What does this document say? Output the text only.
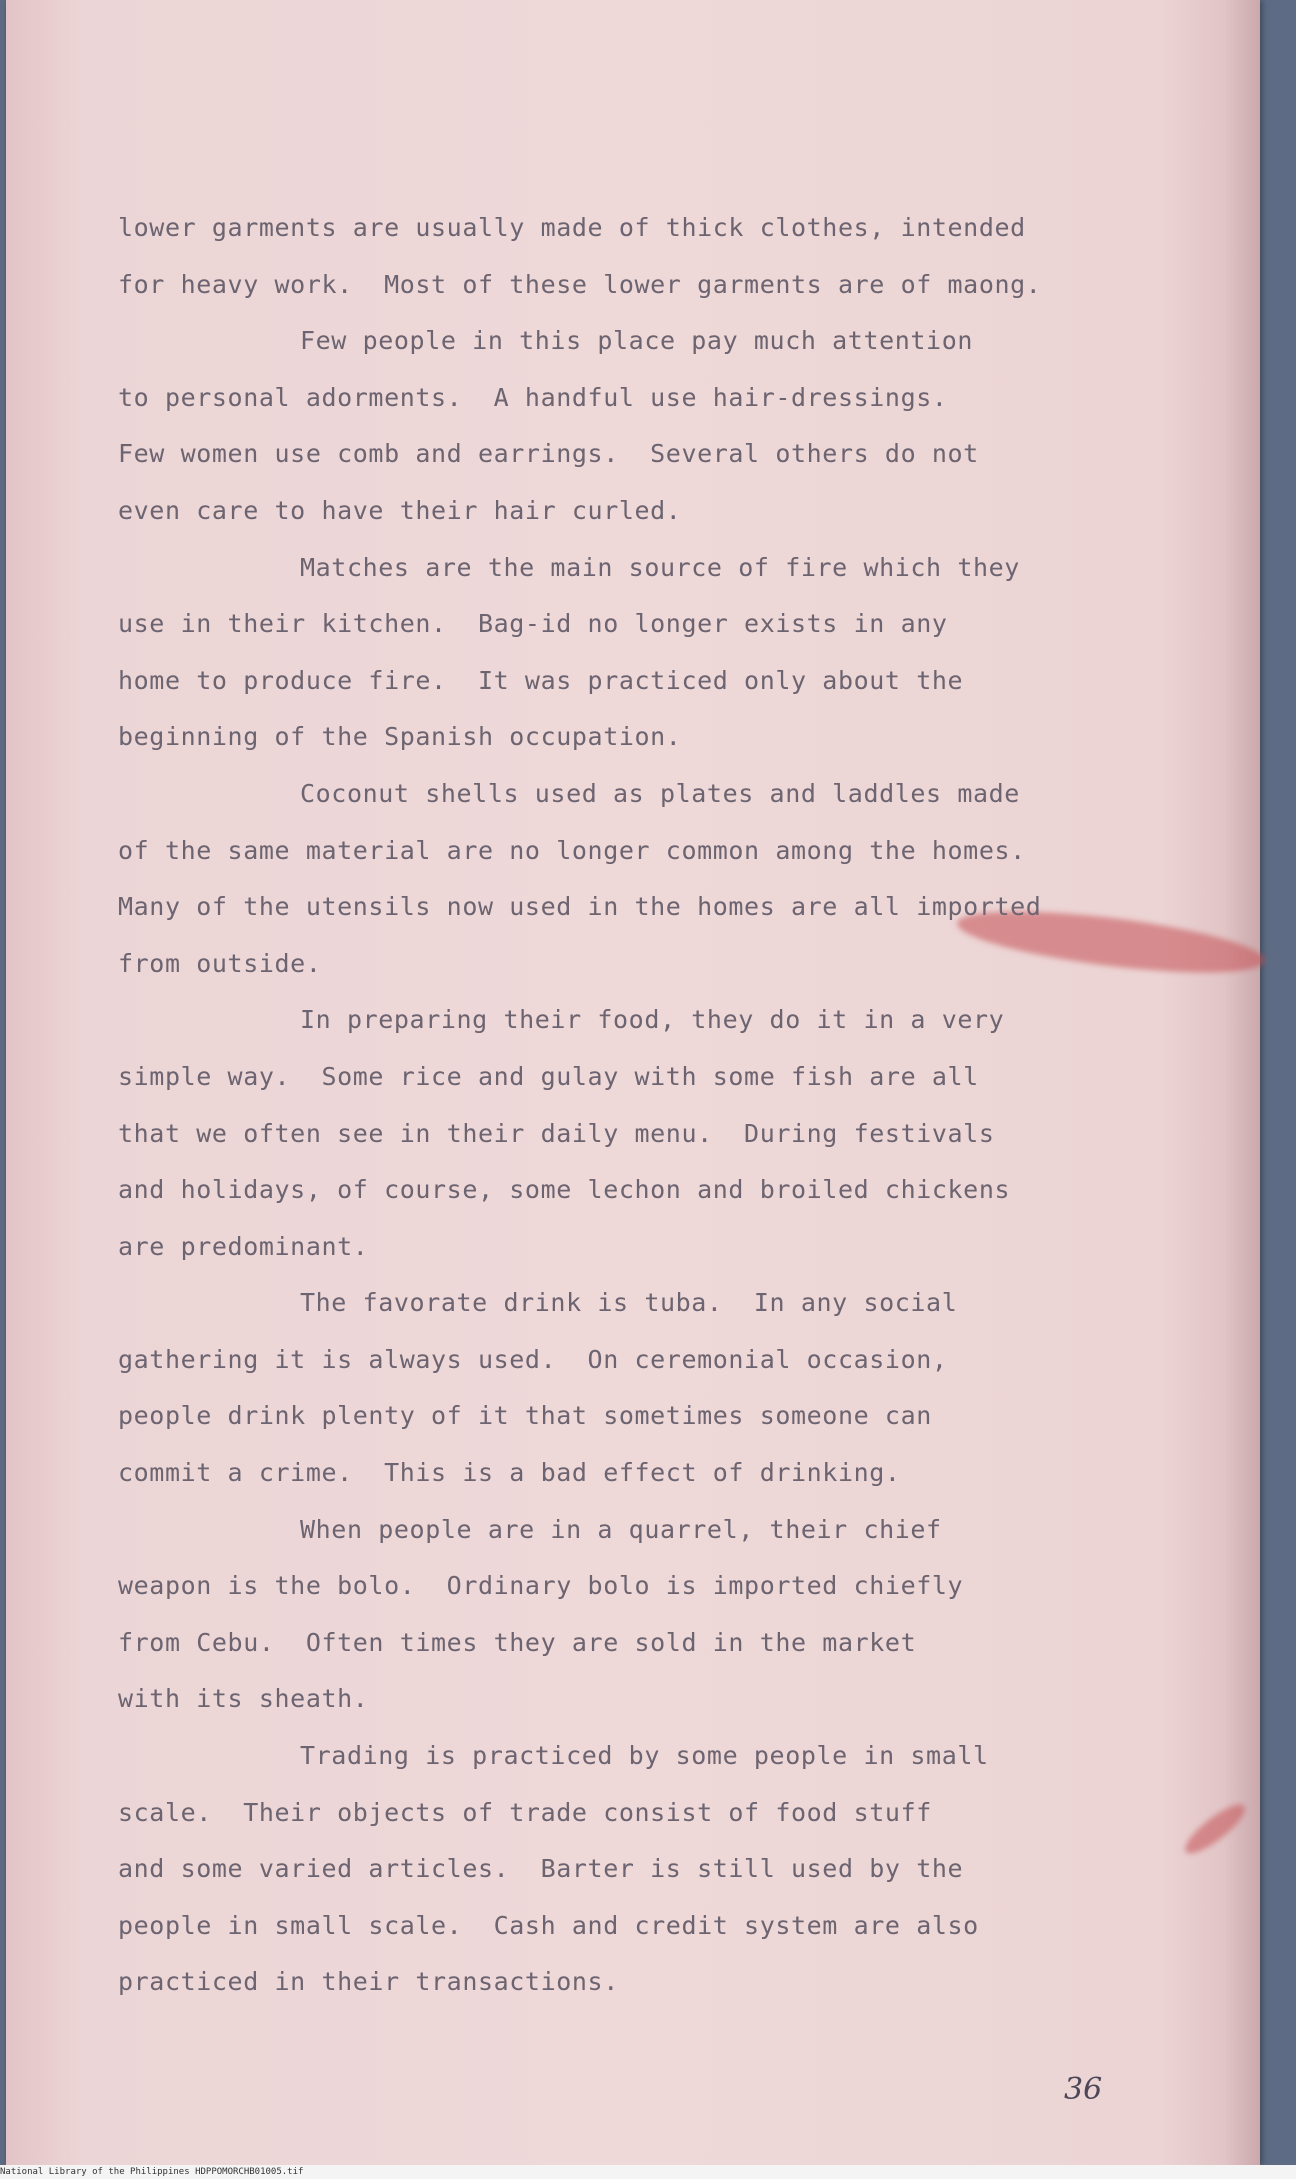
lower garments are usually made of thick clothes, intended
for heavy work.  Most of these lower garments are of maong.
Few people in this place pay much attention
to personal adorments.  A handful use hair-dressings.
Few women use comb and earrings.  Several others do not
even care to have their hair curled.
Matches are the main source of fire which they
use in their kitchen.  Bag-id no longer exists in any
home to produce fire.  It was practiced only about the
beginning of the Spanish occupation.
Coconut shells used as plates and laddles made
of the same material are no longer common among the homes.
Many of the utensils now used in the homes are all imported
from outside.
In preparing their food, they do it in a very
simple way.  Some rice and gulay with some fish are all
that we often see in their daily menu.  During festivals
and holidays, of course, some lechon and broiled chickens
are predominant.
The favorate drink is tuba.  In any social
gathering it is always used.  On ceremonial occasion,
people drink plenty of it that sometimes someone can
commit a crime.  This is a bad effect of drinking.
When people are in a quarrel, their chief
weapon is the bolo.  Ordinary bolo is imported chiefly
from Cebu.  Often times they are sold in the market
with its sheath.
Trading is practiced by some people in small
scale.  Their objects of trade consist of food stuff
and some varied articles.  Barter is still used by the
people in small scale.  Cash and credit system are also
practiced in their transactions.
36
National Library of the Philippines HDPPOMORCHB01005.tif
